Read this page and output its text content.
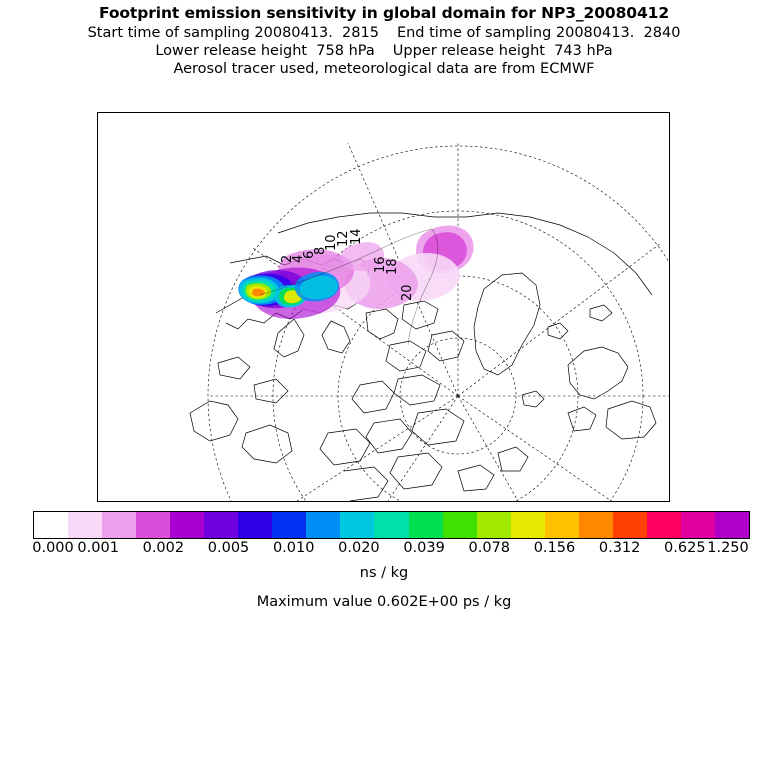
Footprint emission sensitivity in global domain for NP3_20080412
Start time of sampling 20080413.  2815 End time of sampling 20080413.  2840
Lower release height  758 hPa Upper release height  743 hPa
Aerosol tracer used, meteorological data are from ECMWF
2
4
6
8
10
12
14
16
18
20
0.000 0.001 0.002 0.005 0.010 0.020 0.039 0.078 0.156 0.312 0.625 1.250
ns / kg
Maximum value 0.602E+00 ps / kg
